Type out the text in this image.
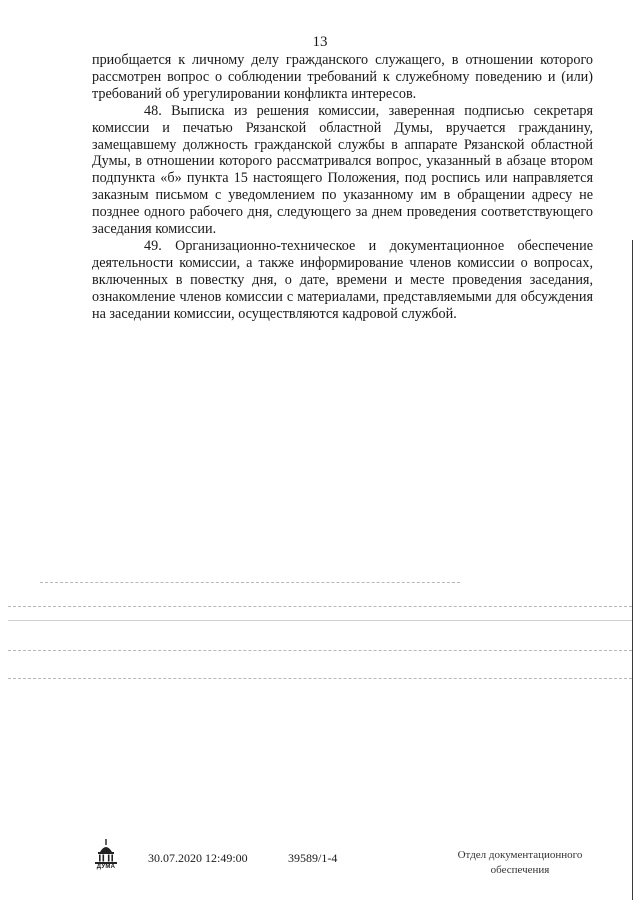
13

приобщается к личному делу гражданского служащего, в отношении которого рассмотрен вопрос о соблюдении требований к служебному поведению и (или) требований об урегулировании конфликта интересов.

48. Выписка из решения комиссии, заверенная подписью секретаря комиссии и печатью Рязанской областной Думы, вручается гражданину, замещавшему должность гражданской службы в аппарате Рязанской областной Думы, в отношении которого рассматривался вопрос, указанный в абзаце втором подпункта «б» пункта 15 настоящего Положения, под роспись или направляется заказным письмом с уведомлением по указанному им в обращении адресу не позднее одного рабочего дня, следующего за днем проведения соответствующего заседания комиссии.

49. Организационно-техническое и документационное обеспечение деятельности комиссии, а также информирование членов комиссии о вопросах, включенных в повестку дня, о дате, времени и месте проведения заседания, ознакомление членов комиссии с материалами, представляемыми для обсуждения на заседании комиссии, осуществляются кадровой службой.

ДУМА
30.07.2020 12:49:00	39589/1-4	Отдел документационного
обеспечения
